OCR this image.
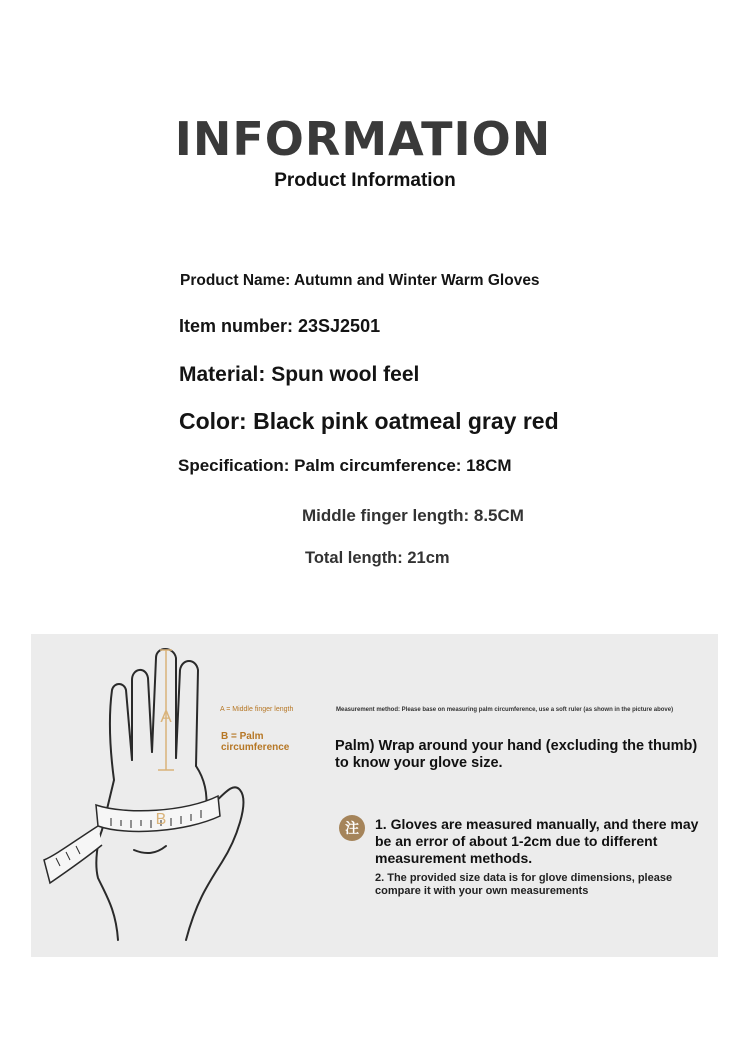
INFORMATION
Product Information
Product Name: Autumn and Winter Warm Gloves
Item number: 23SJ2501
Material: Spun wool feel
Color: Black pink oatmeal gray red
Specification: Palm circumference: 18CM
Middle finger length: 8.5CM
Total length: 21cm
A
B
A = Middle finger length
B = Palm circumference
Measurement method: Please base on measuring palm circumference, use a soft ruler (as shown in the picture above)
Palm) Wrap around your hand (excluding the thumb) to know your glove size.
注	1. Gloves are measured manually, and there may be an error of about 1-2cm due to different measurement methods.
2. The provided size data is for glove dimensions, please compare it with your own measurements
